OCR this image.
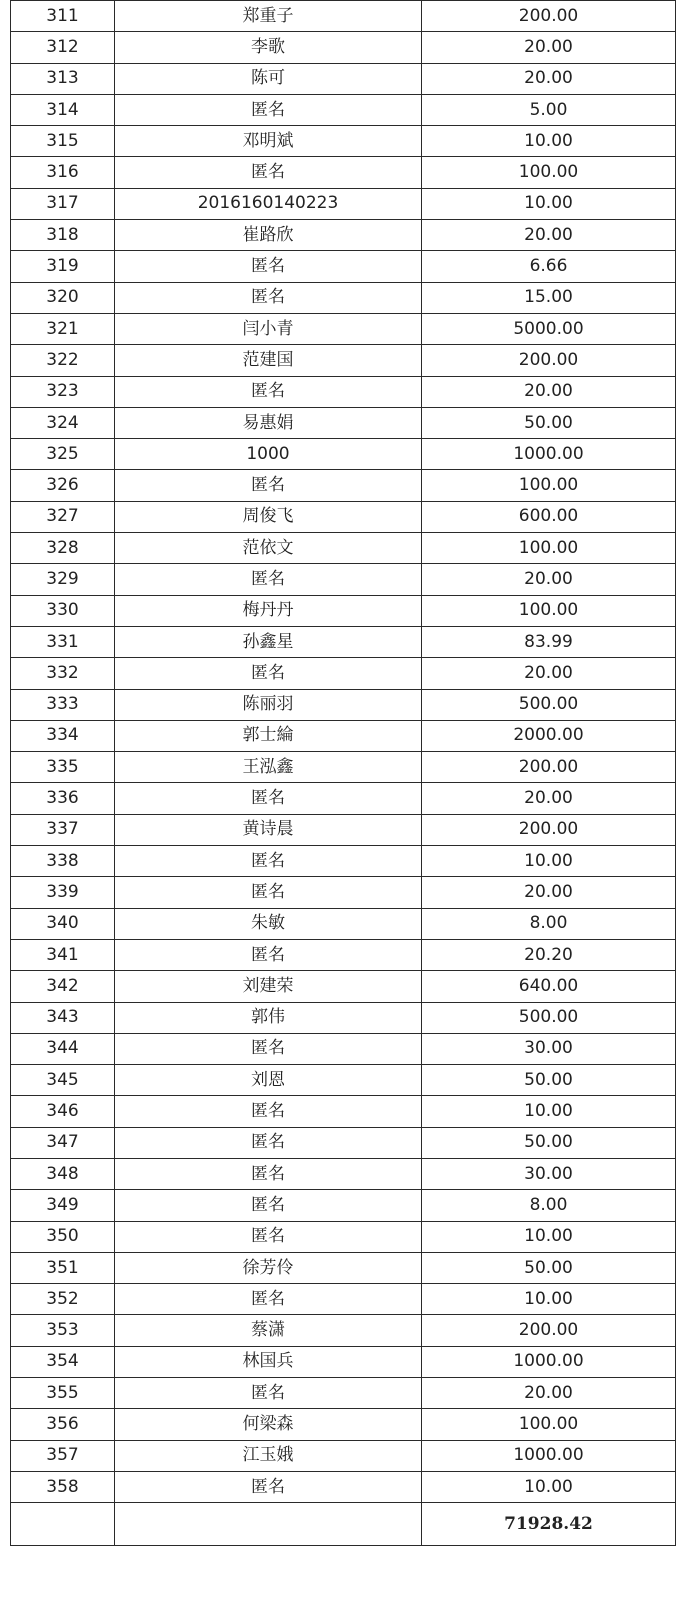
311	郑重子	200.00
312	李歌	20.00
313	陈可	20.00
314	匿名	5.00
315	邓明斌	10.00
316	匿名	100.00
317	2016160140223	10.00
318	崔路欣	20.00
319	匿名	6.66
320	匿名	15.00
321	闫小青	5000.00
322	范建国	200.00
323	匿名	20.00
324	易惠娟	50.00
325	1000	1000.00
326	匿名	100.00
327	周俊飞	600.00
328	范依文	100.00
329	匿名	20.00
330	梅丹丹	100.00
331	孙鑫星	83.99
332	匿名	20.00
333	陈丽羽	500.00
334	郭士綸	2000.00
335	王泓鑫	200.00
336	匿名	20.00
337	黄诗晨	200.00
338	匿名	10.00
339	匿名	20.00
340	朱敏	8.00
341	匿名	20.20
342	刘建荣	640.00
343	郭伟	500.00
344	匿名	30.00
345	刘恩	50.00
346	匿名	10.00
347	匿名	50.00
348	匿名	30.00
349	匿名	8.00
350	匿名	10.00
351	徐芳伶	50.00
352	匿名	10.00
353	蔡潇	200.00
354	林国兵	1000.00
355	匿名	20.00
356	何梁森	100.00
357	江玉娥	1000.00
358	匿名	10.00
		71928.42
